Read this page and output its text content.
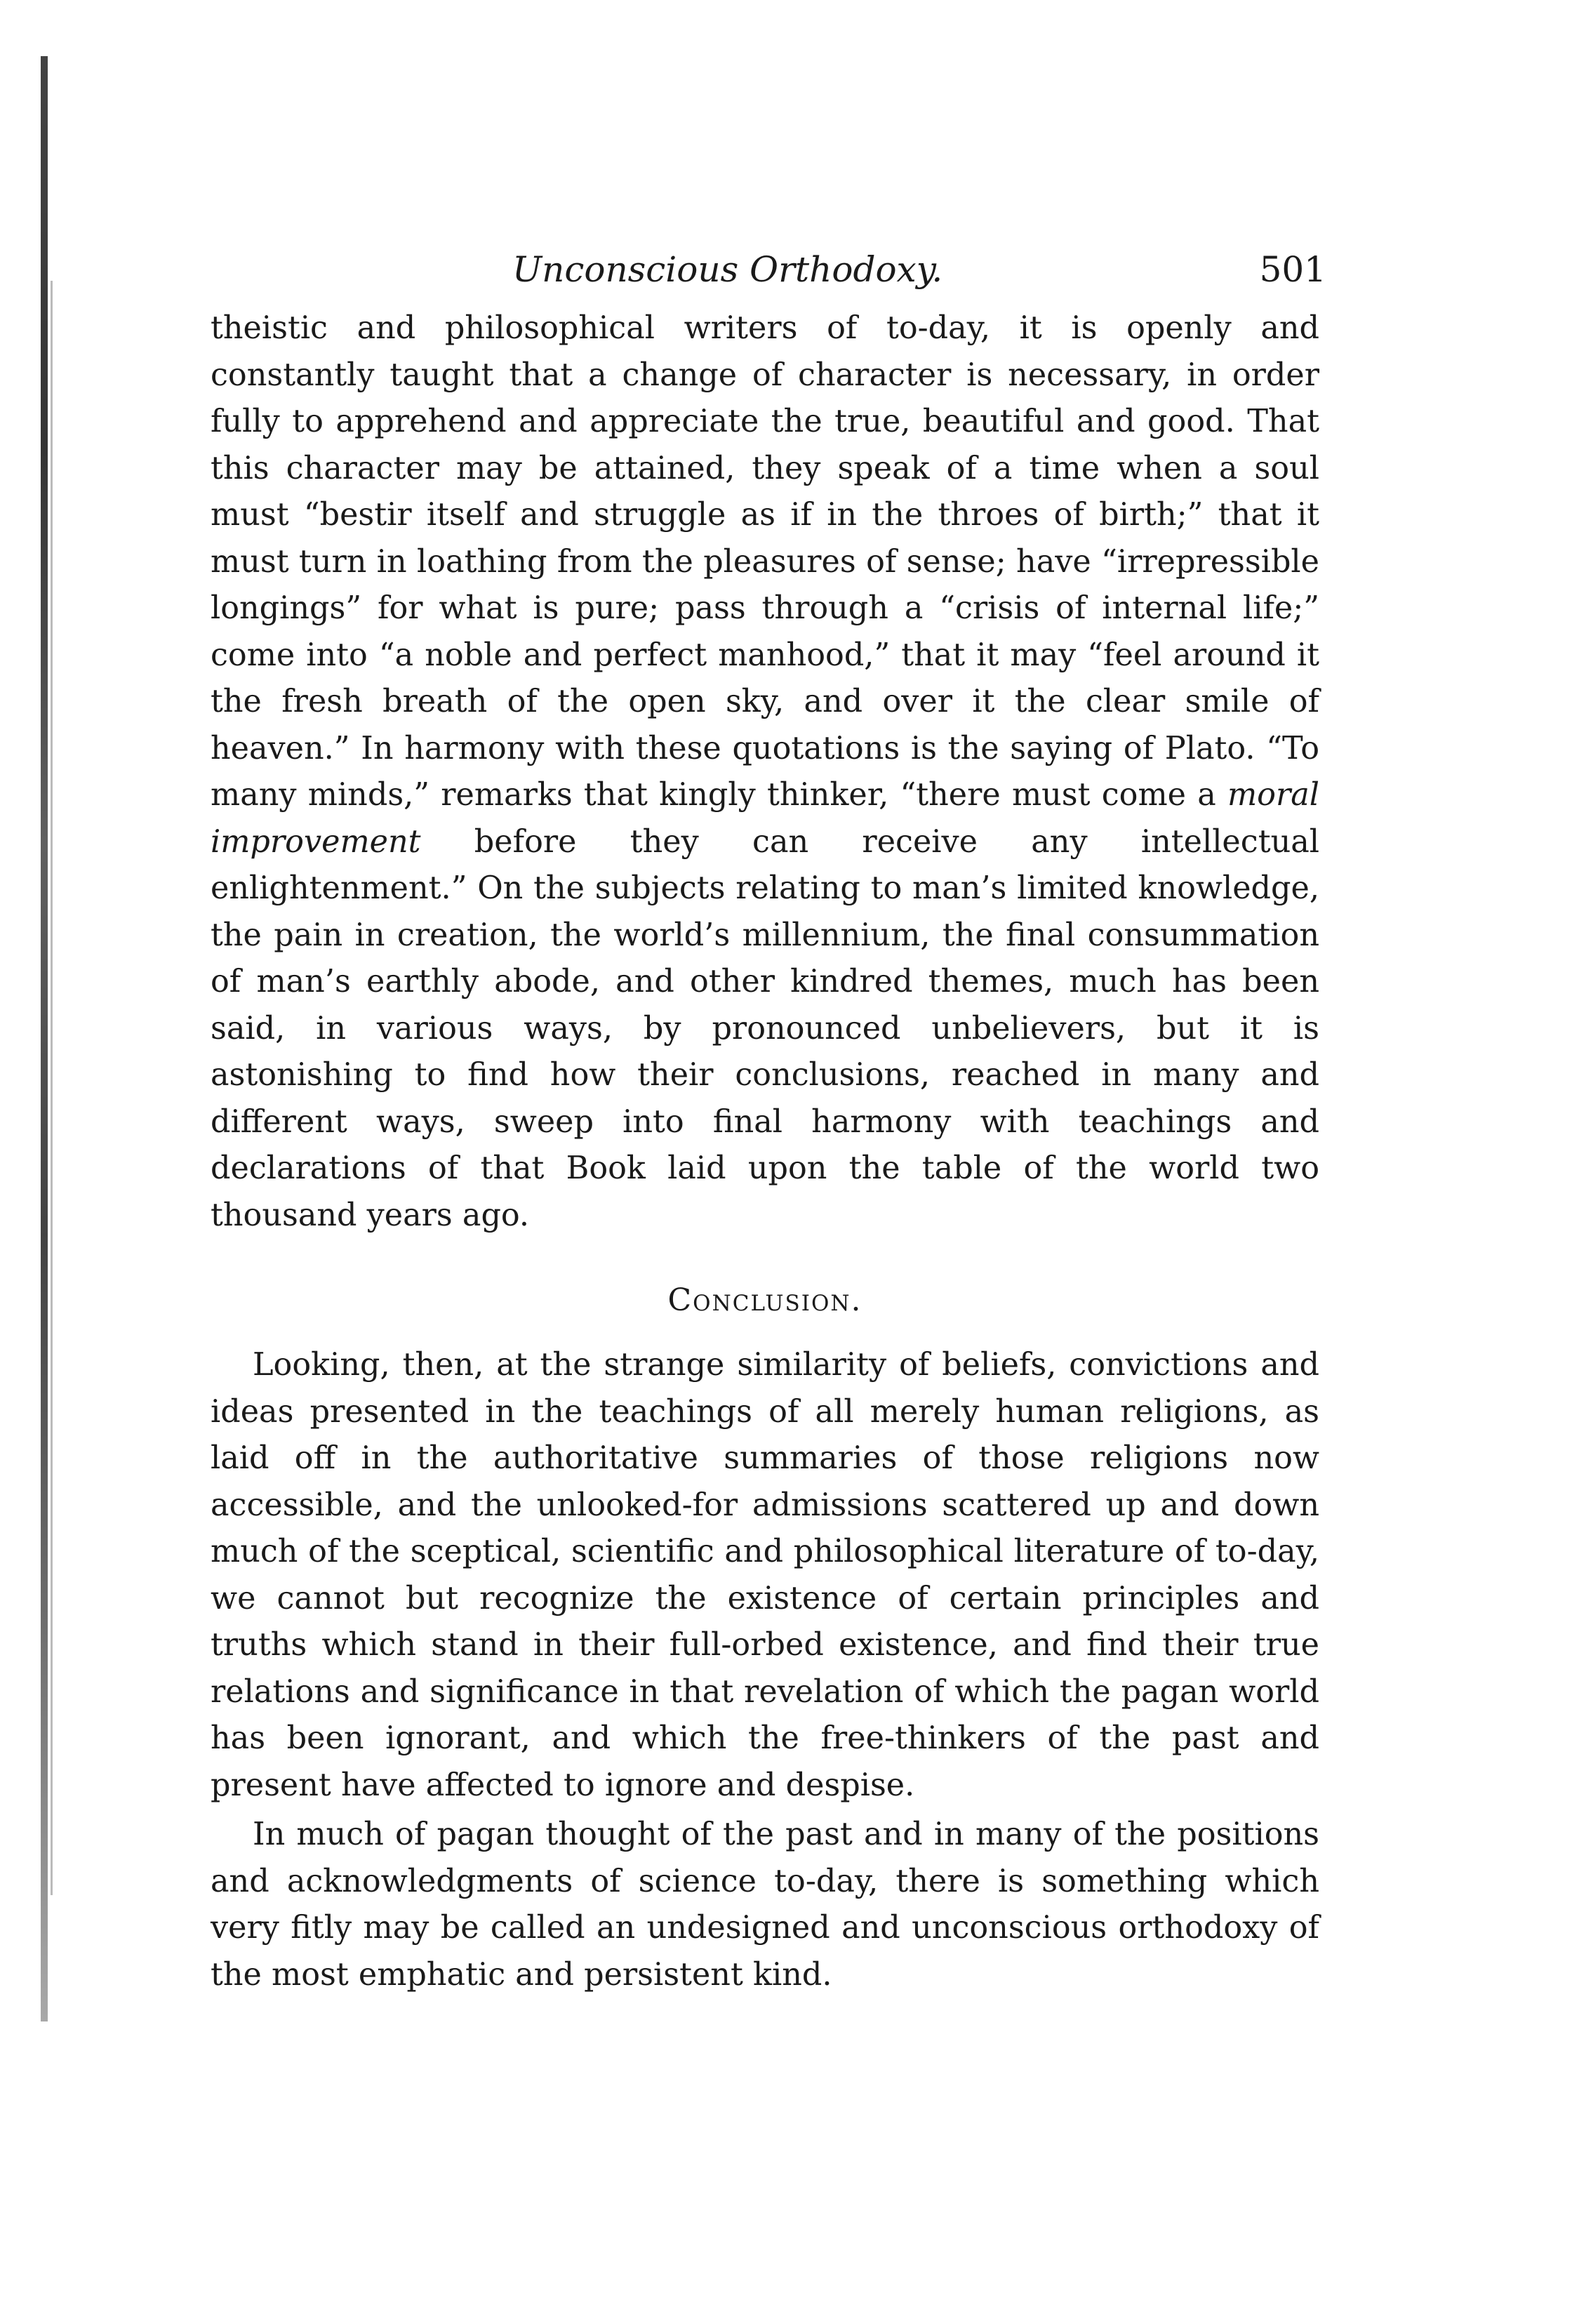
Unconscious Orthodoxy.	501

theistic and philosophical writers of to-day, it is openly and constantly taught that a change of character is necessary, in order fully to apprehend and appreciate the true, beautiful and good. That this character may be attained, they speak of a time when a soul must “bestir itself and struggle as if in the throes of birth;” that it must turn in loathing from the pleasures of sense; have “irrepressible longings” for what is pure; pass through a “crisis of internal life;” come into “a noble and perfect manhood,” that it may “feel around it the fresh breath of the open sky, and over it the clear smile of heaven.” In harmony with these quotations is the saying of Plato. “To many minds,” remarks that kingly thinker, “there must come a moral improvement before they can receive any intellectual enlightenment.” On the subjects relating to man’s limited knowledge, the pain in creation, the world’s millennium, the final consummation of man’s earthly abode, and other kindred themes, much has been said, in various ways, by pronounced unbelievers, but it is astonishing to find how their conclusions, reached in many and different ways, sweep into final harmony with teachings and declarations of that Book laid upon the table of the world two thousand years ago.

Conclusion.

Looking, then, at the strange similarity of beliefs, convictions and ideas presented in the teachings of all merely human religions, as laid off in the authoritative summaries of those religions now accessible, and the unlooked-for admissions scattered up and down much of the sceptical, scientific and philosophical literature of to-day, we cannot but recognize the existence of certain principles and truths which stand in their full-orbed existence, and find their true relations and significance in that revelation of which the pagan world has been ignorant, and which the free-thinkers of the past and present have affected to ignore and despise.

In much of pagan thought of the past and in many of the positions and acknowledgments of science to-day, there is something which very fitly may be called an undesigned and unconscious orthodoxy of the most emphatic and persistent kind.
